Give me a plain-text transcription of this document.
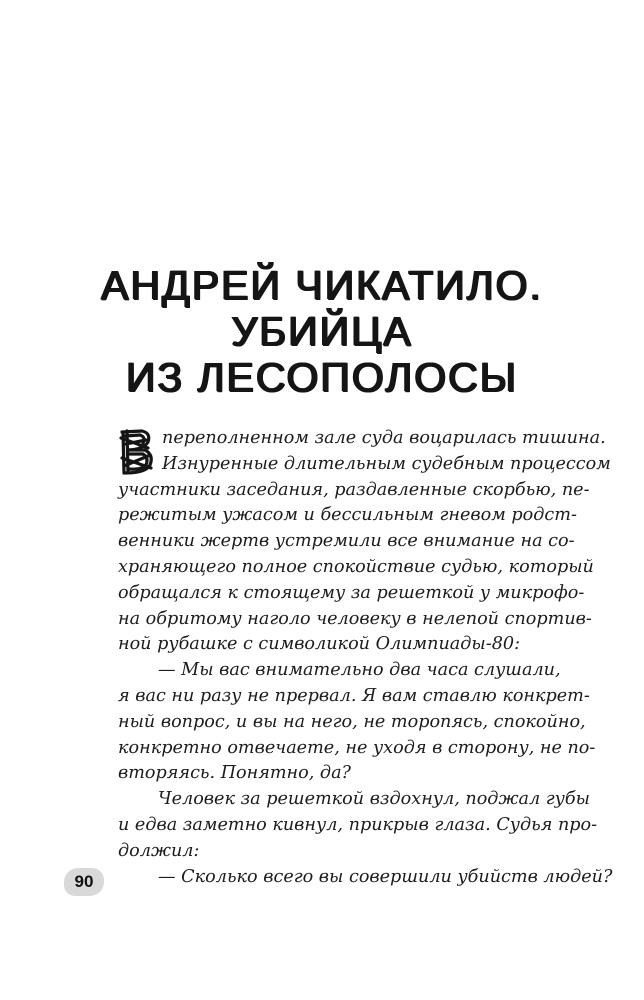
АНДРЕЙ ЧИКАТИЛО.
УБИЙЦА
ИЗ ЛЕСОПОЛОСЫ
переполненном зале суда воцарилась тишина.
Изнуренные длительным судебным процессом
участники заседания, раздавленные скорбью, пе-
режитым ужасом и бессильным гневом родст-
венники жертв устремили все внимание на со-
храняющего полное спокойствие судью, который
обращался к стоящему за решеткой у микрофо-
на обритому наголо человеку в нелепой спортив-
ной рубашке с символикой Олимпиады-80:
— Мы вас внимательно два часа слушали,
я вас ни разу не прервал. Я вам ставлю конкрет-
ный вопрос, и вы на него, не торопясь, спокойно,
конкретно отвечаете, не уходя в сторону, не по-
вторяясь. Понятно, да?
Человек за решеткой вздохнул, поджал губы
и едва заметно кивнул, прикрыв глаза. Судья про-
должил:
— Сколько всего вы совершили убийств людей?
90
